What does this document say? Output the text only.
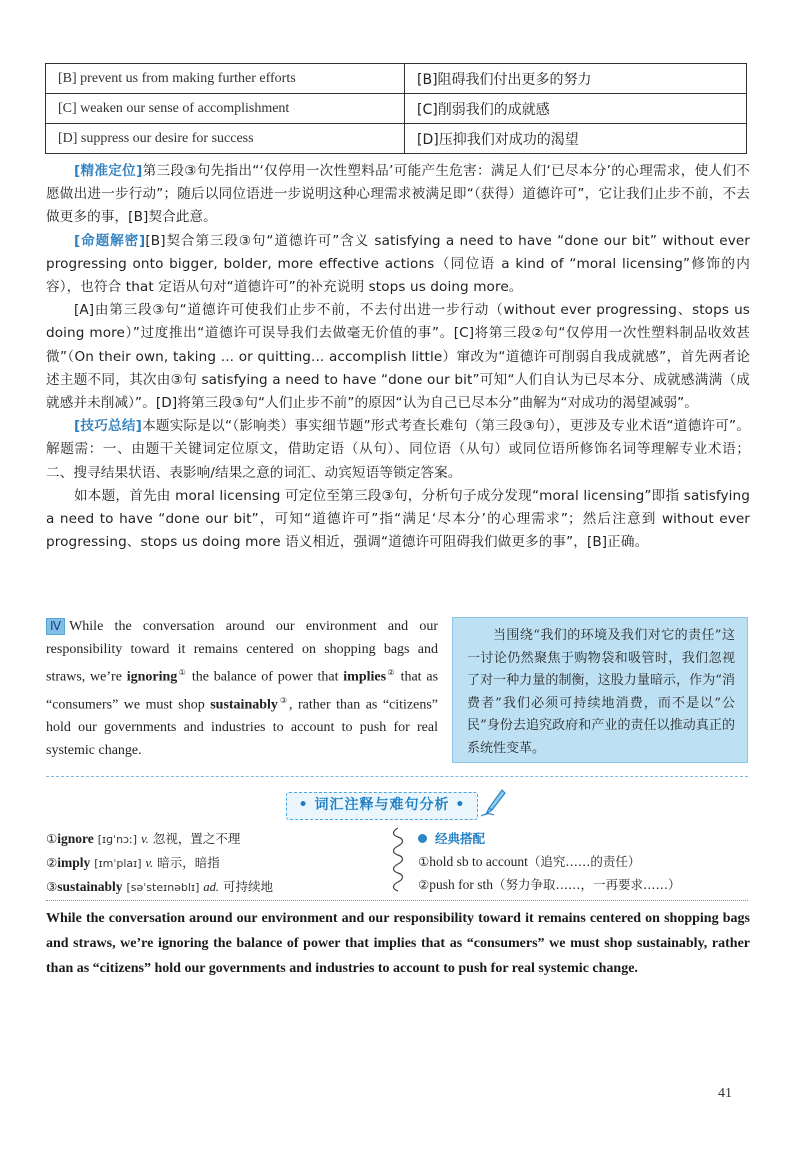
[B] prevent us from making further efforts	[B]阻碍我们付出更多的努力
[C] weaken our sense of accomplishment	[C]削弱我们的成就感
[D] suppress our desire for success	[D]压抑我们对成功的渴望

[精准定位]第三段③句先指出“‘仅停用一次性塑料品’可能产生危害：满足人们‘已尽本分’的心理需求，使人们不愿做出进一步行动”；随后以同位语进一步说明这种心理需求被满足即“（获得）道德许可”，它让我们止步不前，不去做更多的事，[B]契合此意。

[命题解密][B]契合第三段③句“道德许可”含义 satisfying a need to have “done our bit” without ever progressing onto bigger, bolder, more effective actions（同位语 a kind of “moral licensing”修饰的内容），也符合 that 定语从句对“道德许可”的补充说明 stops us doing more。

[A]由第三段③句“道德许可使我们止步不前，不去付出进一步行动（without ever progressing、stops us doing more）”过度推出“道德许可误导我们去做毫无价值的事”。[C]将第三段②句“仅停用一次性塑料制品收效甚微”（On their own, taking ... or quitting... accomplish little）窜改为“道德许可削弱自我成就感”，首先两者论述主题不同，其次由③句 satisfying a need to have “done our bit”可知“人们自认为已尽本分、成就感满满（成就感并未削减）”。[D]将第三段③句“人们止步不前”的原因“认为自己已尽本分”曲解为“对成功的渴望减弱”。

[技巧总结]本题实际是以“（影响类）事实细节题”形式考查长难句（第三段③句），更涉及专业术语“道德许可”。解题需：一、由题干关键词定位原文，借助定语（从句）、同位语（从句）或同位语所修饰名词等理解专业术语；二、搜寻结果状语、表影响/结果之意的词汇、动宾短语等锁定答案。

如本题，首先由 moral licensing 可定位至第三段③句，分析句子成分发现“moral licensing”即指 satisfying a need to have “done our bit”，可知“道德许可”指“满足‘尽本分’的心理需求”；然后注意到 without ever progressing、stops us doing more 语义相近，强调“道德许可阻碍我们做更多的事”，[B]正确。

Ⅳ While the conversation around our environment and our responsibility toward it remains centered on shopping bags and straws, we’re ignoring① the balance of power that implies② that as “consumers” we must shop sustainably③, rather than as “citizens” hold our governments and industries to account to push for real systemic change.

当围绕“我们的环境及我们对它的责任”这一讨论仍然聚焦于购物袋和吸管时，我们忽视了对一种力量的制衡，这股力量暗示，作为“消费者”我们必须可持续地消费，而不是以“公民”身份去追究政府和产业的责任以推动真正的系统性变革。

• 词汇注释与难句分析 •
①ignore [ɪɡˈnɔː] v. 忽视，置之不理
②imply [ɪmˈplaɪ] v. 暗示，暗指
③sustainably [səˈsteɪnəblɪ] ad. 可持续地
经典搭配
①hold sb to account（追究……的责任）
②push for sth（努力争取……，一再要求……）
While the conversation around our environment and our responsibility toward it remains centered on shopping bags and straws, we’re ignoring the balance of power that implies that as “consumers” we must shop sustainably, rather than as “citizens” hold our governments and industries to account to push for real systemic change.
41
